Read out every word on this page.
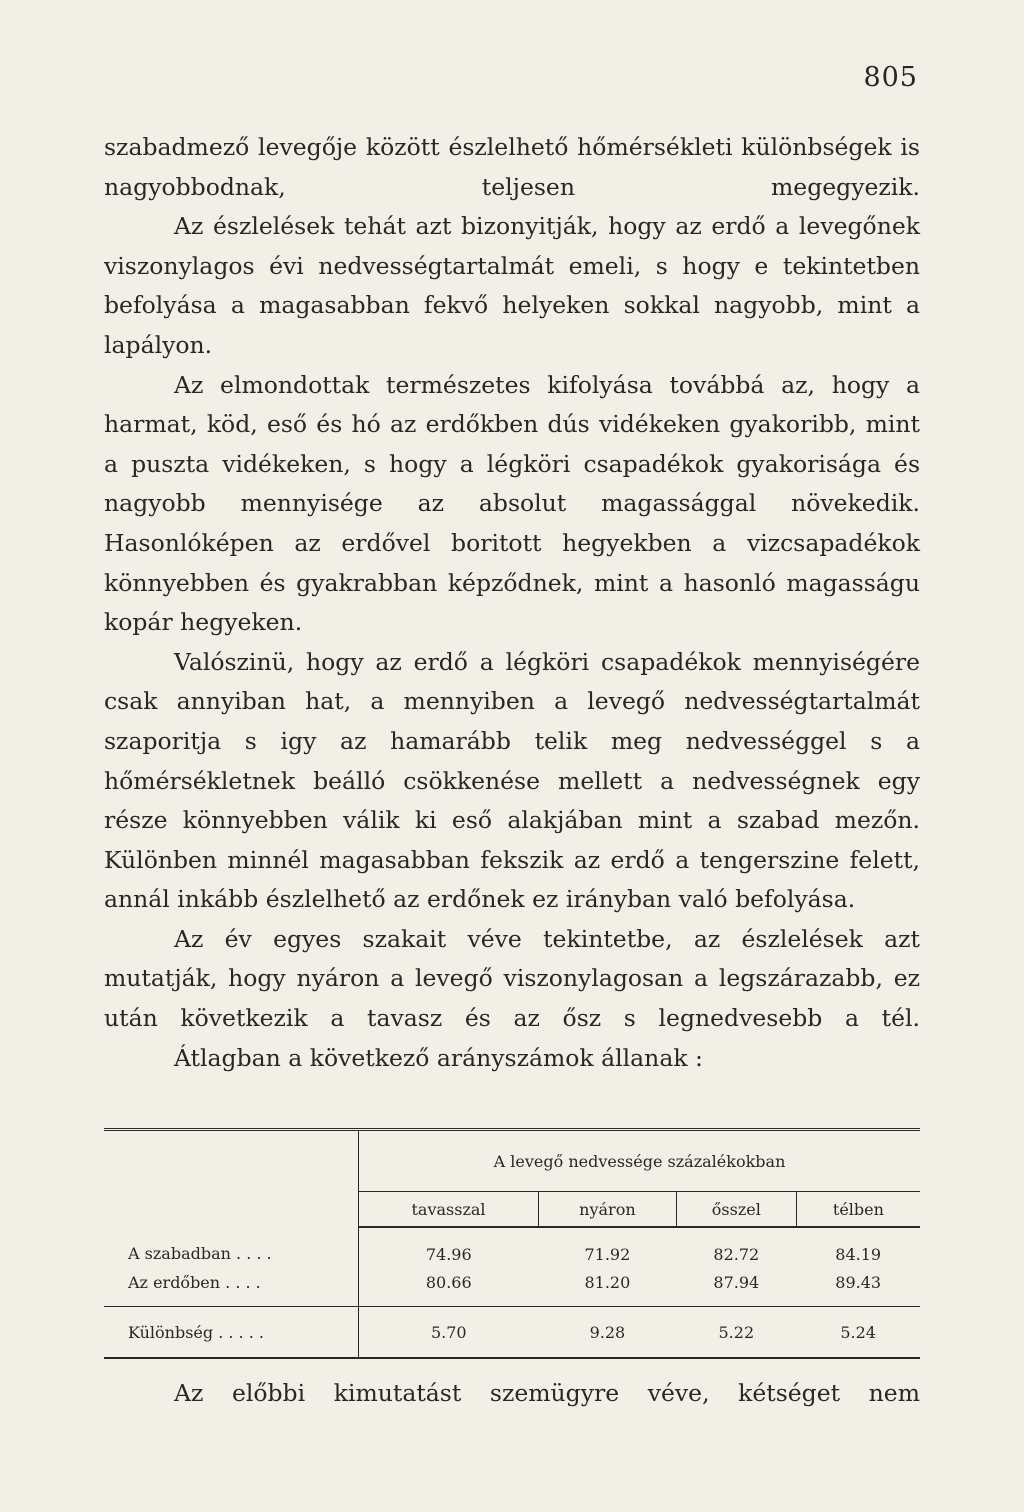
805

szabadmező levegője között észlelhető hőmérsékleti különbségek is nagyobbodnak, teljesen megegyezik.

Az észlelések tehát azt bizonyitják, hogy az erdő a levegőnek viszonylagos évi nedvességtartalmát emeli, s hogy e tekintetben befolyása a magasabban fekvő helyeken sokkal nagyobb, mint a lapályon.

Az elmondottak természetes kifolyása továbbá az, hogy a harmat, köd, eső és hó az erdőkben dús vidékeken gyakoribb, mint a puszta vidékeken, s hogy a légköri csapadékok gyakorisága és nagyobb mennyisége az absolut magassággal növekedik. Hasonlóképen az erdővel boritott hegyekben a vizcsapadékok könnyebben és gyakrabban képződnek, mint a hasonló magasságu kopár hegyeken.

Valószinü, hogy az erdő a légköri csapadékok mennyiségére csak annyiban hat, a mennyiben a levegő nedvességtartalmát szaporitja s igy az hamarább telik meg nedvességgel s a hőmérsékletnek beálló csökkenése mellett a nedvességnek egy része könnyebben válik ki eső alakjában mint a szabad mezőn. Különben minnél magasabban fekszik az erdő a tengerszine felett, annál inkább észlelhető az erdőnek ez irányban való befolyása.

Az év egyes szakait véve tekintetbe, az észlelések azt mutatják, hogy nyáron a levegő viszonylagosan a legszárazabb, ez után következik a tavasz és az ősz s legnedvesebb a tél.

Átlagban a következő arányszámok állanak :

	A levegő nedvessége százalékokban			
	tavasszal	nyáron	ősszel	télben
A szabadban . . . .	74.96	71.92	82.72	84.19
Az erdőben . . . .	80.66	81.20	87.94	89.43
Különbség . . . . .	5.70	9.28	5.22	5.24

Az előbbi kimutatást szemügyre véve, kétséget nem
